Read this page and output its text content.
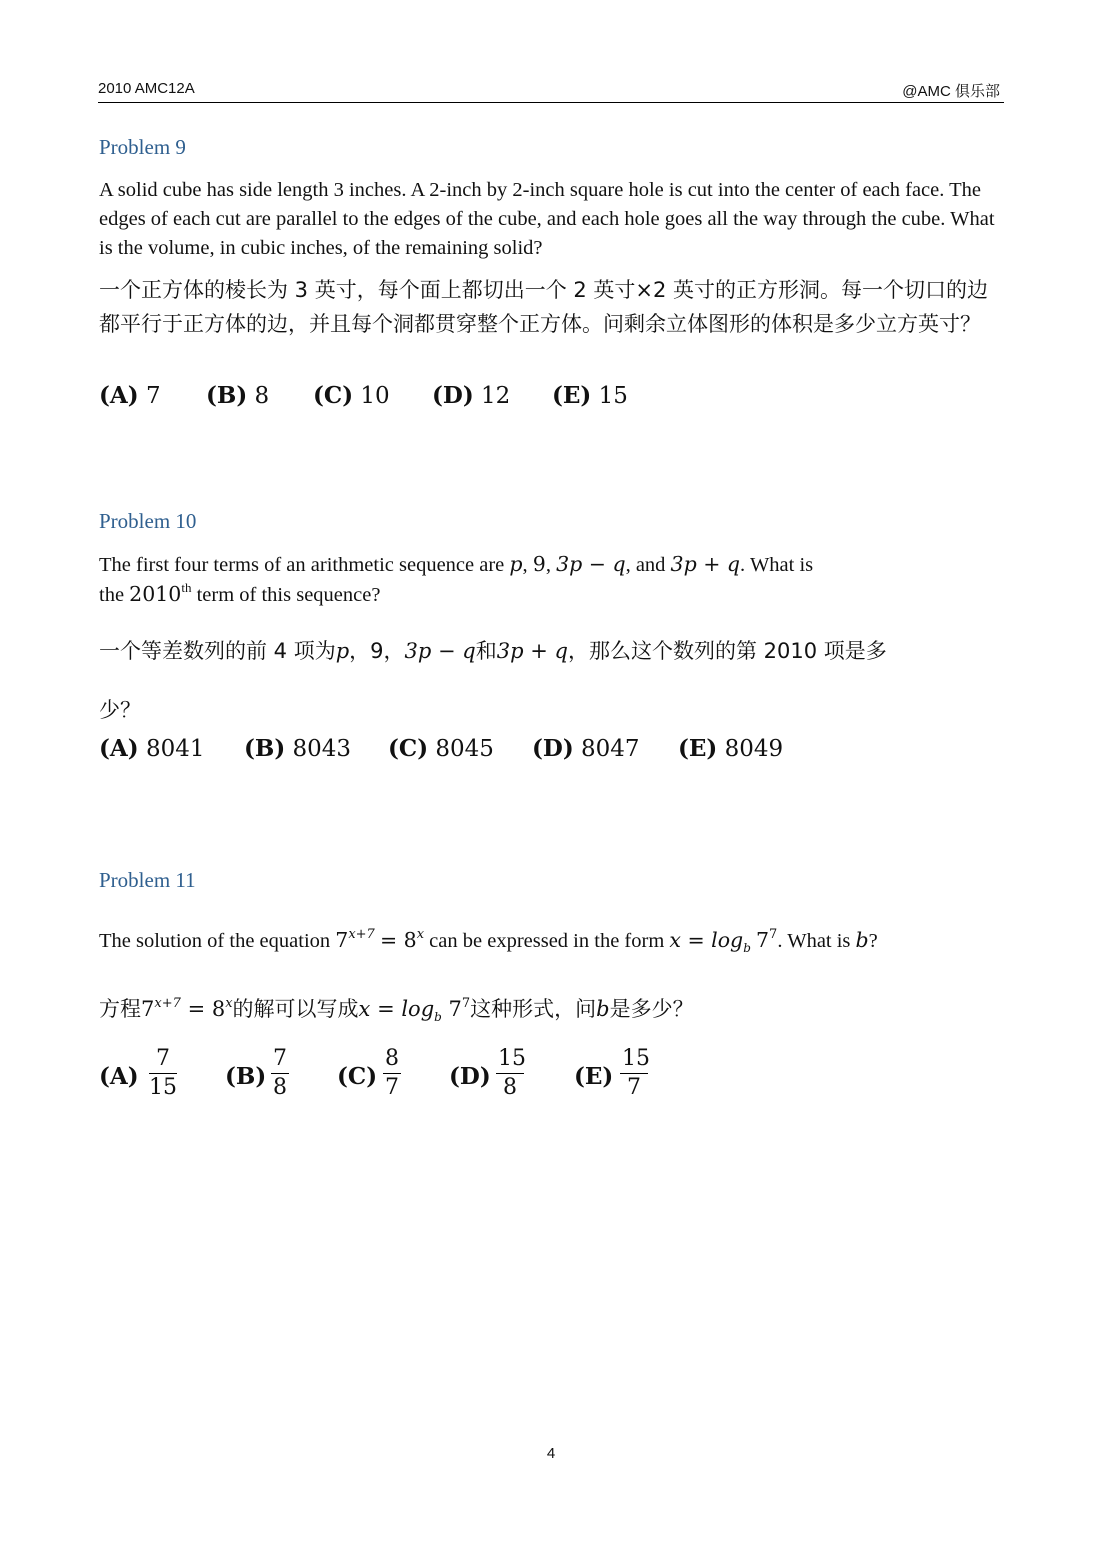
2010 AMC12A	@AMC 俱乐部
Problem 9
A solid cube has side length 3 inches. A 2-inch by 2-inch square hole is cut into the center of each face. The edges of each cut are parallel to the edges of the cube, and each hole goes all the way through the cube. What is the volume, in cubic inches, of the remaining solid?
一个正方体的棱长为 3 英寸，每个面上都切出一个 2 英寸×2 英寸的正方形洞。每一个切口的边都平行于正方体的边，并且每个洞都贯穿整个正方体。问剩余立体图形的体积是多少立方英寸？
(A) 7 (B) 8 (C) 10 (D) 12 (E) 15
Problem 10
The first four terms of an arithmetic sequence are p, 9, 3p − q, and 3p + q. What is
the 2010th term of this sequence?
一个等差数列的前 4 项为p，9，3p − q和3p + q，那么这个数列的第 2010 项是多
少？
(A) 8041 (B) 8043 (C) 8045 (D) 8047 (E) 8049
Problem 11
The solution of the equation $7^{x+7} = 8^x$ can be expressed in the form $x = \log_b 7^7$. What is b?
方程$7^{x+7} = 8^x$的解可以写成$x = \log_b 7^7$这种形式，问b是多少？
(A)
7
15 (B)
7
8 (C)
8
7 (D)
15
8	(E)
15
7
4
